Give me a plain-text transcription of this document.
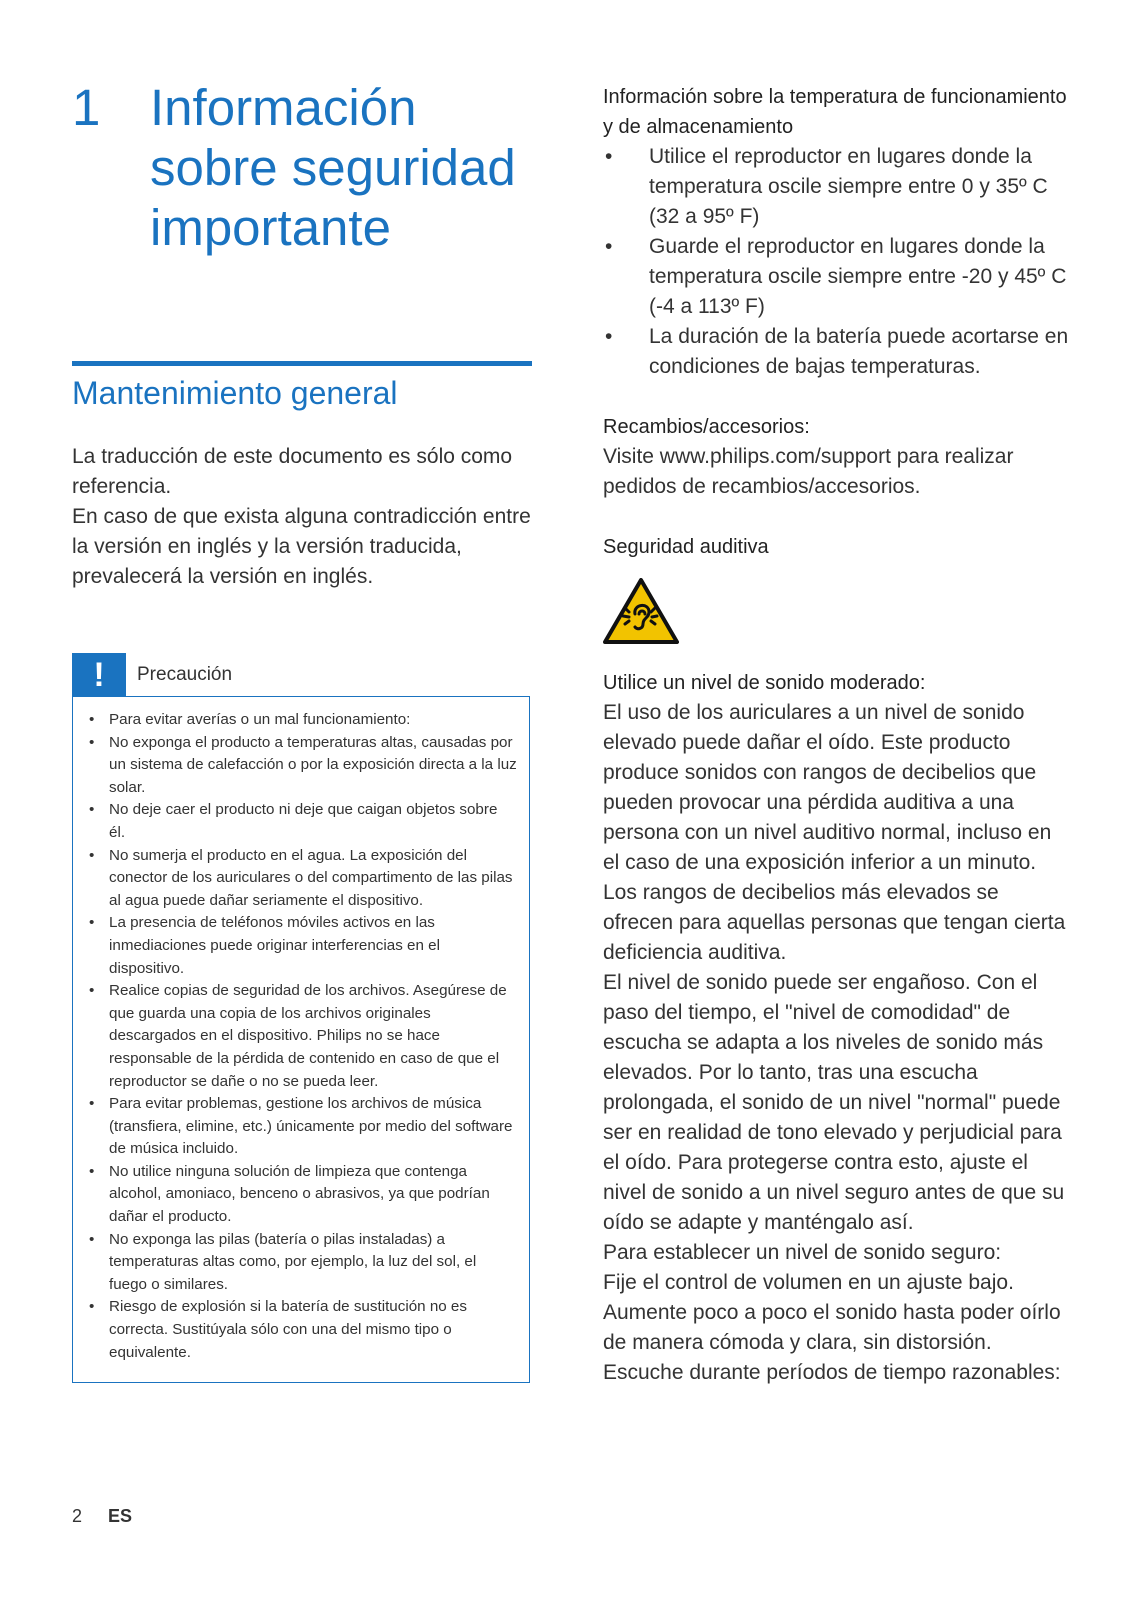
1 Información
sobre seguridad
importante
Mantenimiento general

La traducción de este documento es sólo como referencia.

En caso de que exista alguna contradicción entre la versión en inglés y la versión traducida, prevalecerá la versión en inglés.

!	Precaución
• Para evitar averías o un mal funcionamiento:
• No exponga el producto a temperaturas altas, causadas por un sistema de calefacción o por la exposición directa a la luz solar.
• No deje caer el producto ni deje que caigan objetos sobre él.
• No sumerja el producto en el agua. La exposición del conector de los auriculares o del compartimento de las pilas al agua puede dañar seriamente el dispositivo.
• La presencia de teléfonos móviles activos en las inmediaciones puede originar interferencias en el dispositivo.
• Realice copias de seguridad de los archivos. Asegúrese de que guarda una copia de los archivos originales descargados en el dispositivo. Philips no se hace responsable de la pérdida de contenido en caso de que el reproductor se dañe o no se pueda leer.
• Para evitar problemas, gestione los archivos de música (transfiera, elimine, etc.) únicamente por medio del software de música incluido.
• No utilice ninguna solución de limpieza que contenga alcohol, amoniaco, benceno o abrasivos, ya que podrían dañar el producto.
• No exponga las pilas (batería o pilas instaladas) a temperaturas altas como, por ejemplo, la luz del sol, el fuego o similares.
• Riesgo de explosión si la batería de sustitución no es correcta. Sustitúyala sólo con una del mismo tipo o equivalente.

Información sobre la temperatura de funcionamiento y de almacenamiento

• Utilice el reproductor en lugares donde la temperatura oscile siempre entre 0 y 35º C (32 a 95º F)
• Guarde el reproductor en lugares donde la temperatura oscile siempre entre -20 y 45º C (-4 a 113º F)
• La duración de la batería puede acortarse en condiciones de bajas temperaturas.

Recambios/accesorios:

Visite www.philips.com/support para realizar pedidos de recambios/accesorios.

Seguridad auditiva

Utilice un nivel de sonido moderado:

El uso de los auriculares a un nivel de sonido elevado puede dañar el oído. Este producto produce sonidos con rangos de decibelios que pueden provocar una pérdida auditiva a una persona con un nivel auditivo normal, incluso en el caso de una exposición inferior a un minuto. Los rangos de decibelios más elevados se ofrecen para aquellas personas que tengan cierta deficiencia auditiva.

El nivel de sonido puede ser engañoso. Con el paso del tiempo, el "nivel de comodidad" de escucha se adapta a los niveles de sonido más elevados. Por lo tanto, tras una escucha prolongada, el sonido de un nivel "normal" puede ser en realidad de tono elevado y perjudicial para el oído. Para protegerse contra esto, ajuste el nivel de sonido a un nivel seguro antes de que su oído se adapte y manténgalo así.

Para establecer un nivel de sonido seguro:

Fije el control de volumen en un ajuste bajo.

Aumente poco a poco el sonido hasta poder oírlo de manera cómoda y clara, sin distorsión.

Escuche durante períodos de tiempo razonables:

2 ES
